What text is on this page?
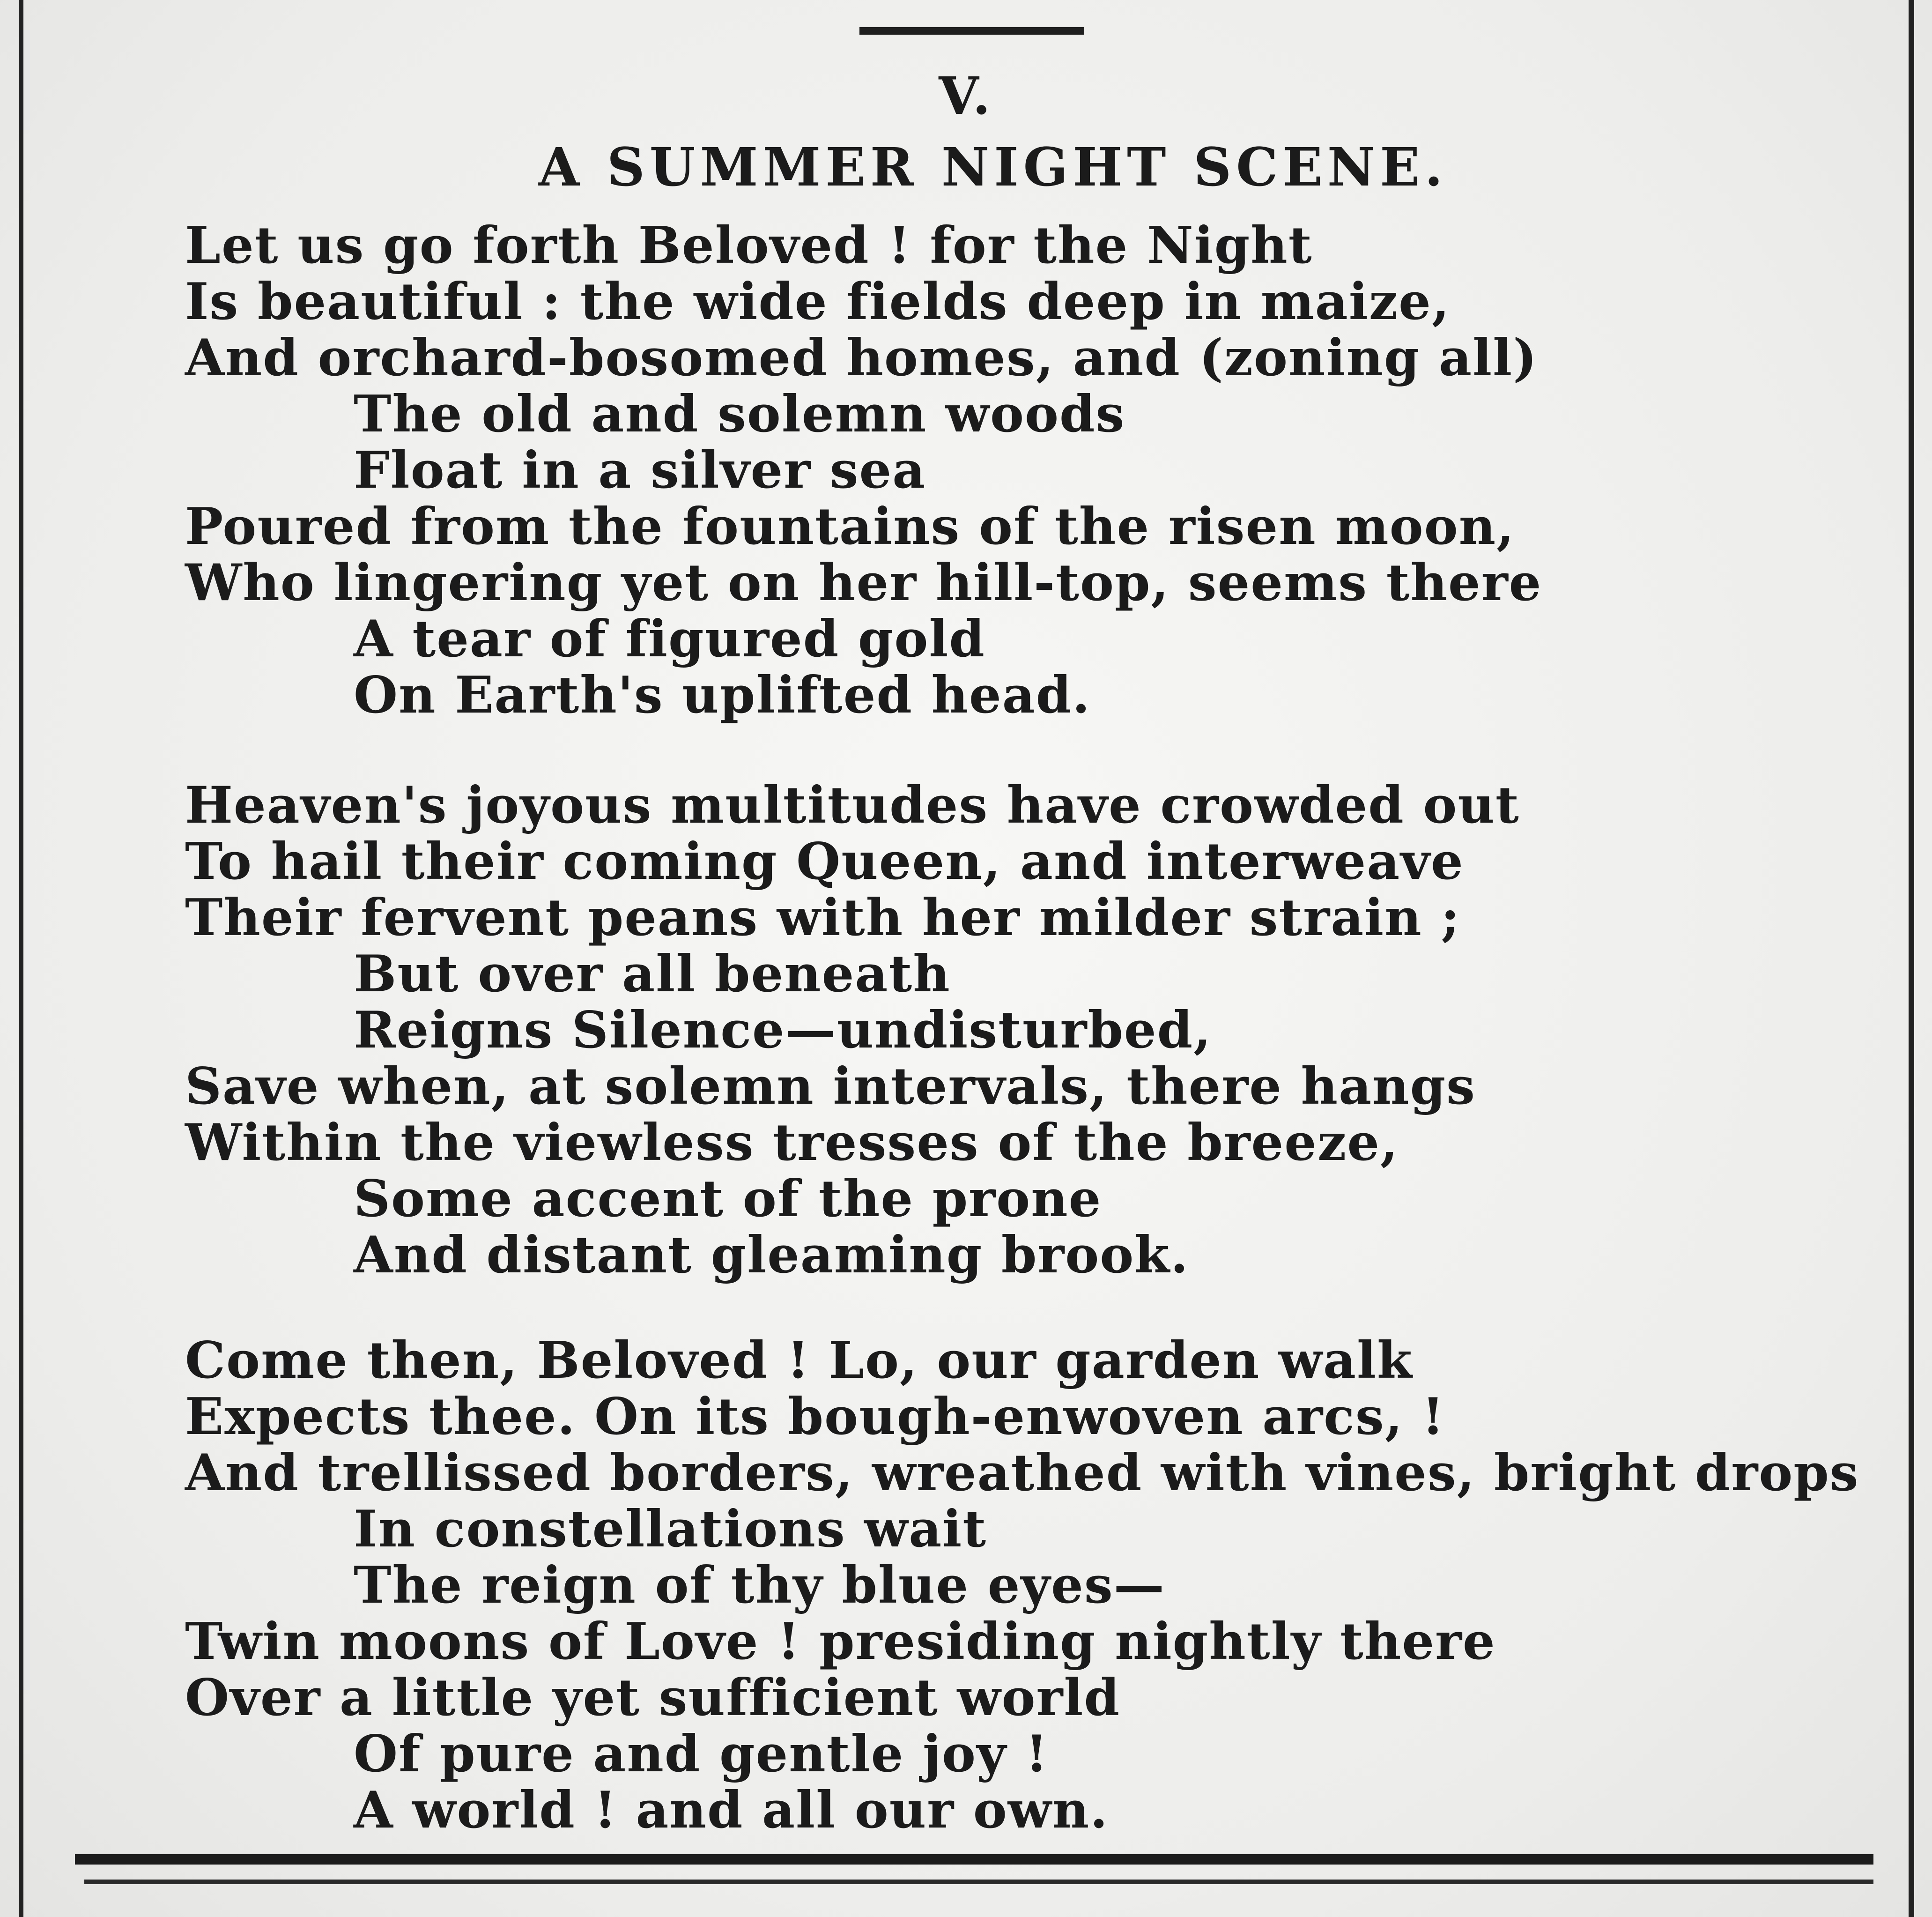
V.
A SUMMER NIGHT SCENE.
Let us go forth Beloved ! for the Night
Is beautiful : the wide fields deep in maize,
And orchard-bosomed homes, and (zoning all)
The old and solemn woods
Float in a silver sea
Poured from the fountains of the risen moon,
Who lingering yet on her hill-top, seems there
A tear of figured gold
On Earth's uplifted head.
Heaven's joyous multitudes have crowded out
To hail their coming Queen, and interweave
Their fervent peans with her milder strain ;
But over all beneath
Reigns Silence—undisturbed,
Save when, at solemn intervals, there hangs
Within the viewless tresses of the breeze,
Some accent of the prone
And distant gleaming brook.
Come then, Beloved ! Lo, our garden walk
Expects thee. On its bough-enwoven arcs, !
And trellissed borders, wreathed with vines, bright drops
In constellations wait
The reign of thy blue eyes—
Twin moons of Love ! presiding nightly there
Over a little yet sufficient world
Of pure and gentle joy !
A world ! and all our own.
